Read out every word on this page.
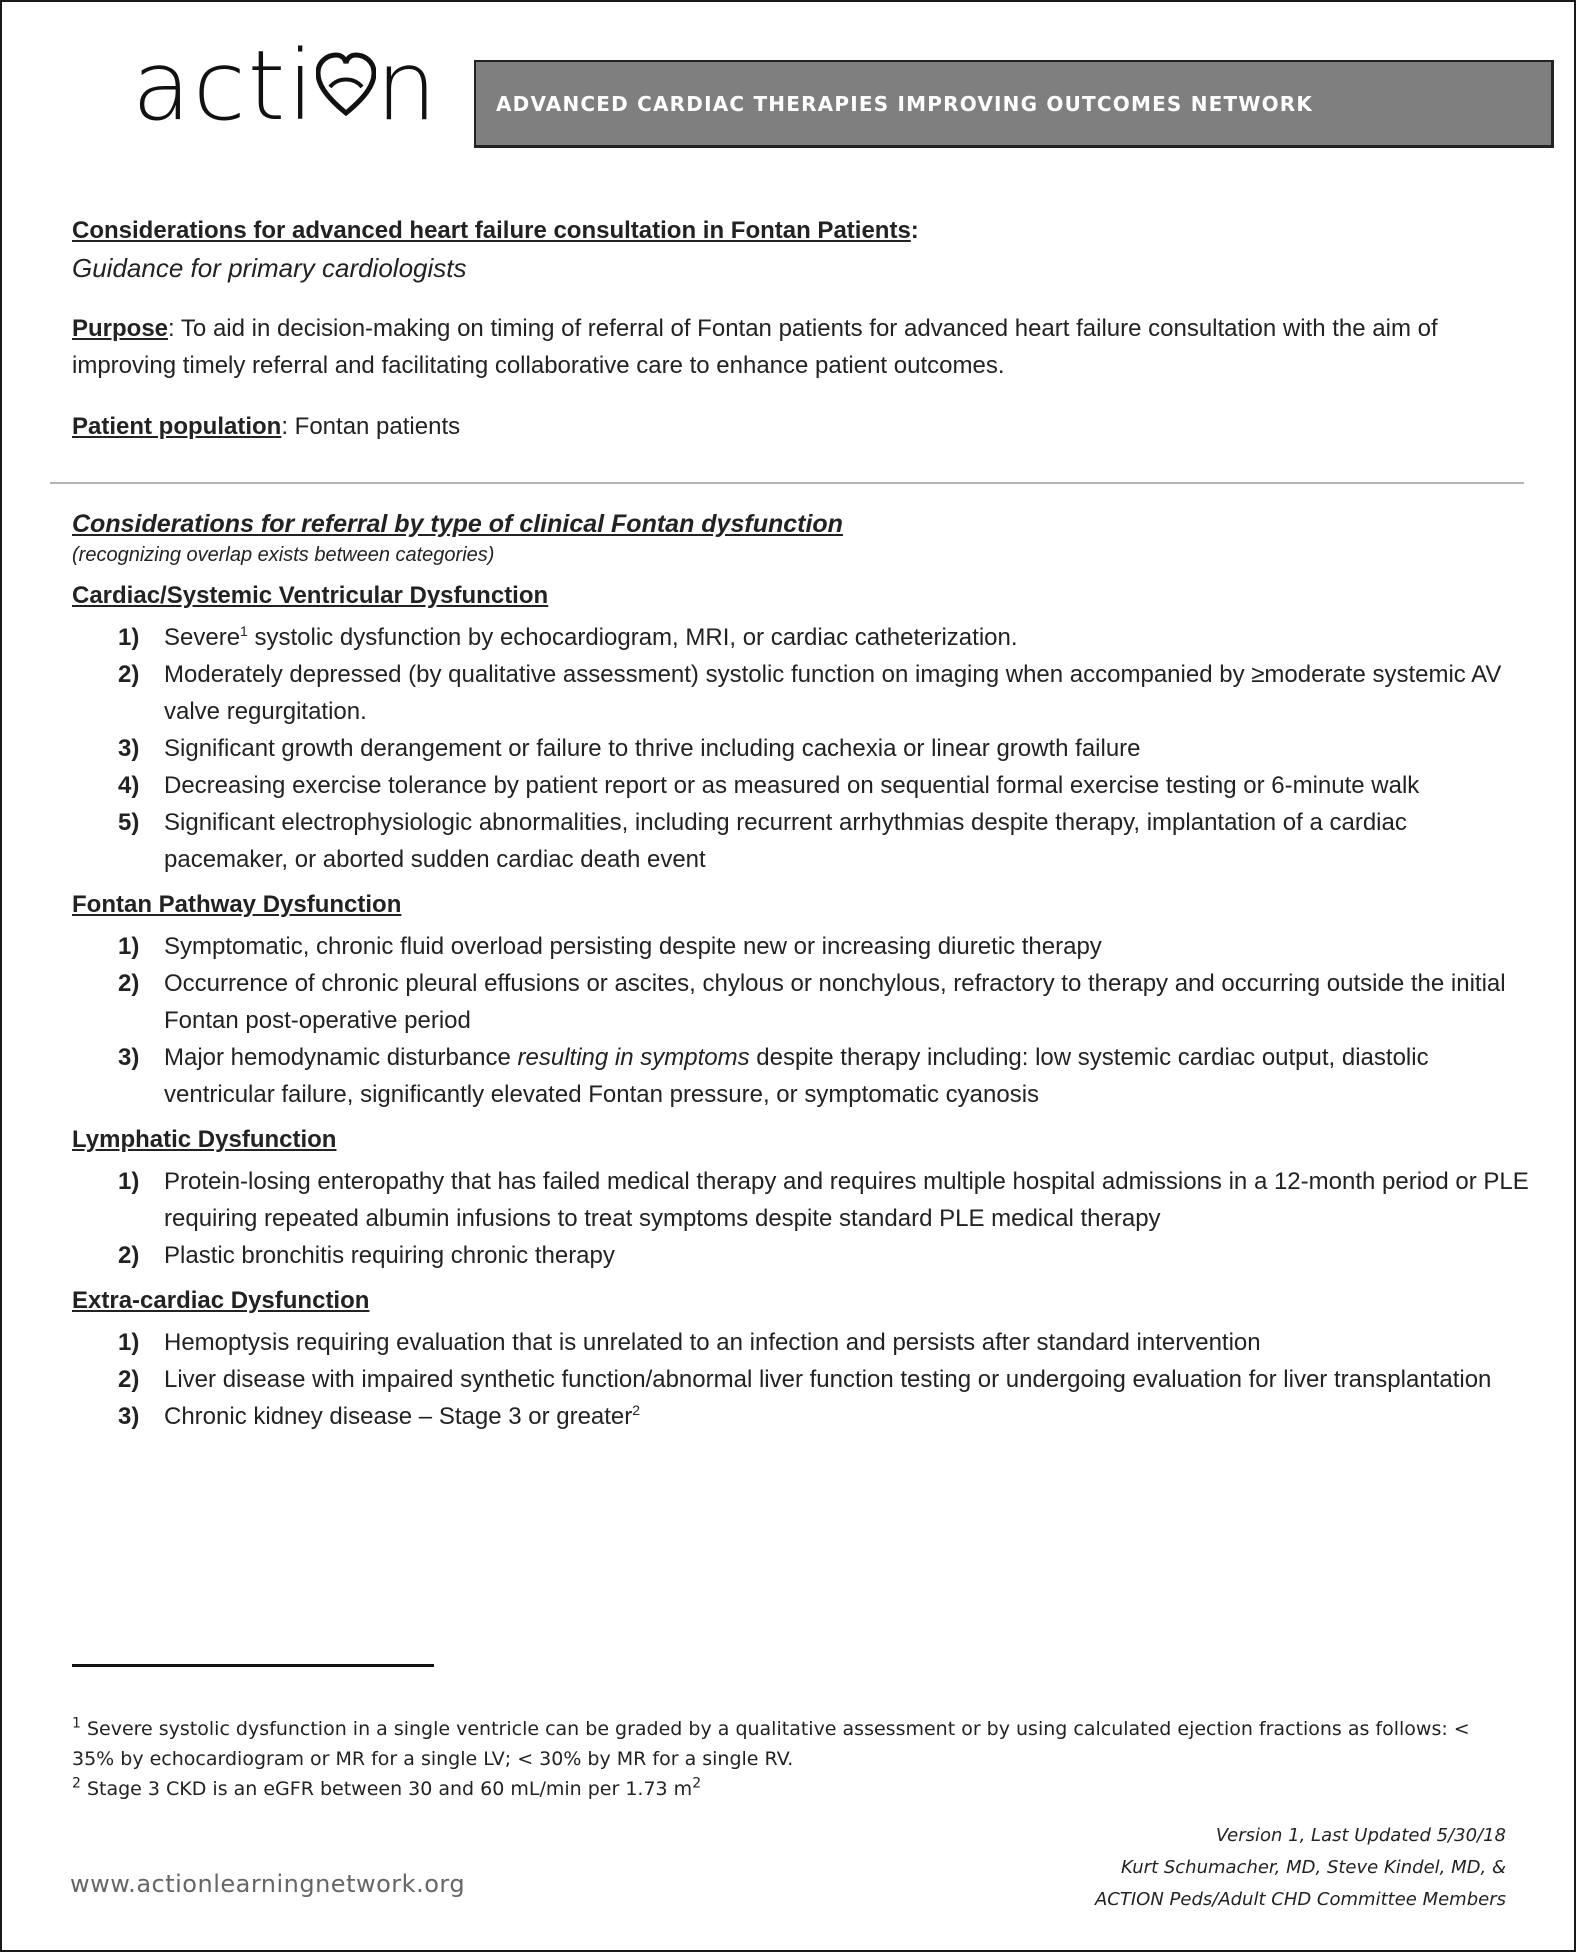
acti n	ADVANCED CARDIAC THERAPIES IMPROVING OUTCOMES NETWORK
Considerations for advanced heart failure consultation in Fontan Patients:
Guidance for primary cardiologists
Purpose: To aid in decision-making on timing of referral of Fontan patients for advanced heart failure consultation with the aim of improving timely referral and facilitating collaborative care to enhance patient outcomes.
Patient population: Fontan patients
Considerations for referral by type of clinical Fontan dysfunction
(recognizing overlap exists between categories)
Cardiac/Systemic Ventricular Dysfunction
1) Severe$^1$ systolic dysfunction by echocardiogram, MRI, or cardiac catheterization.
2) Moderately depressed (by qualitative assessment) systolic function on imaging when accompanied by ≥moderate systemic AV valve regurgitation.
3) Significant growth derangement or failure to thrive including cachexia or linear growth failure
4) Decreasing exercise tolerance by patient report or as measured on sequential formal exercise testing or 6-minute walk
5) Significant electrophysiologic abnormalities, including recurrent arrhythmias despite therapy, implantation of a cardiac pacemaker, or aborted sudden cardiac death event
Fontan Pathway Dysfunction
1) Symptomatic, chronic fluid overload persisting despite new or increasing diuretic therapy
2) Occurrence of chronic pleural effusions or ascites, chylous or nonchylous, refractory to therapy and occurring outside the initial Fontan post-operative period
3) Major hemodynamic disturbance resulting in symptoms despite therapy including: low systemic cardiac output, diastolic ventricular failure, significantly elevated Fontan pressure, or symptomatic cyanosis
Lymphatic Dysfunction
1) Protein-losing enteropathy that has failed medical therapy and requires multiple hospital admissions in a 12-month period or PLE requiring repeated albumin infusions to treat symptoms despite standard PLE medical therapy
2) Plastic bronchitis requiring chronic therapy
Extra-cardiac Dysfunction
1) Hemoptysis requiring evaluation that is unrelated to an infection and persists after standard intervention
2) Liver disease with impaired synthetic function/abnormal liver function testing or undergoing evaluation for liver transplantation
3) Chronic kidney disease – Stage 3 or greater$^2$
$^1$ Severe systolic dysfunction in a single ventricle can be graded by a qualitative assessment or by using calculated ejection fractions as follows: < 35% by echocardiogram or MR for a single LV; < 30% by MR for a single RV.
$^2$ Stage 3 CKD is an eGFR between 30 and 60 mL/min per 1.73 $m^2$
Version 1, Last Updated 5/30/18
Kurt Schumacher, MD, Steve Kindel, MD, &
ACTION Peds/Adult CHD Committee Members
www.actionlearningnetwork.org
